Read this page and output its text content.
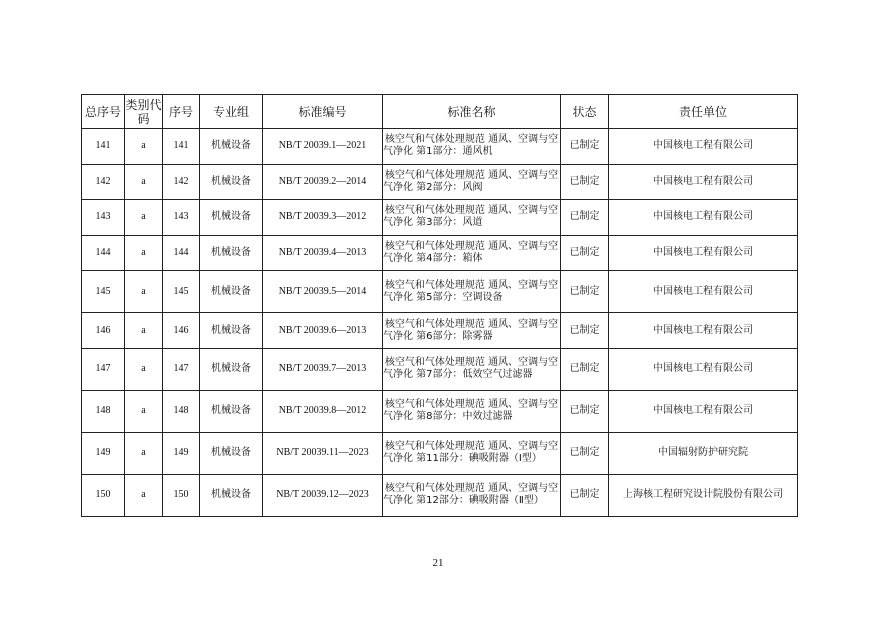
总序号	类别代码	序号	专业组	标准编号	标准名称	状态	责任单位
141	a	141	机械设备	NB/T 20039.1—2021	核空气和气体处理规范 通风、空调与空气净化 第1部分：通风机	已制定	中国核电工程有限公司
142	a	142	机械设备	NB/T 20039.2—2014	核空气和气体处理规范 通风、空调与空气净化 第2部分：风阀	已制定	中国核电工程有限公司
143	a	143	机械设备	NB/T 20039.3—2012	核空气和气体处理规范 通风、空调与空气净化 第3部分：风道	已制定	中国核电工程有限公司
144	a	144	机械设备	NB/T 20039.4—2013	核空气和气体处理规范 通风、空调与空气净化 第4部分：箱体	已制定	中国核电工程有限公司
145	a	145	机械设备	NB/T 20039.5—2014	核空气和气体处理规范 通风、空调与空气净化 第5部分：空调设备	已制定	中国核电工程有限公司
146	a	146	机械设备	NB/T 20039.6—2013	核空气和气体处理规范 通风、空调与空气净化 第6部分：除雾器	已制定	中国核电工程有限公司
147	a	147	机械设备	NB/T 20039.7—2013	核空气和气体处理规范 通风、空调与空气净化 第7部分：低效空气过滤器	已制定	中国核电工程有限公司
148	a	148	机械设备	NB/T 20039.8—2012	核空气和气体处理规范 通风、空调与空气净化 第8部分：中效过滤器	已制定	中国核电工程有限公司
149	a	149	机械设备	NB/T 20039.11—2023	核空气和气体处理规范 通风、空调与空气净化 第11部分：碘吸附器（Ⅰ型）	已制定	中国辐射防护研究院
150	a	150	机械设备	NB/T 20039.12—2023	核空气和气体处理规范 通风、空调与空气净化 第12部分：碘吸附器（Ⅱ型）	已制定	上海核工程研究设计院股份有限公司
21
